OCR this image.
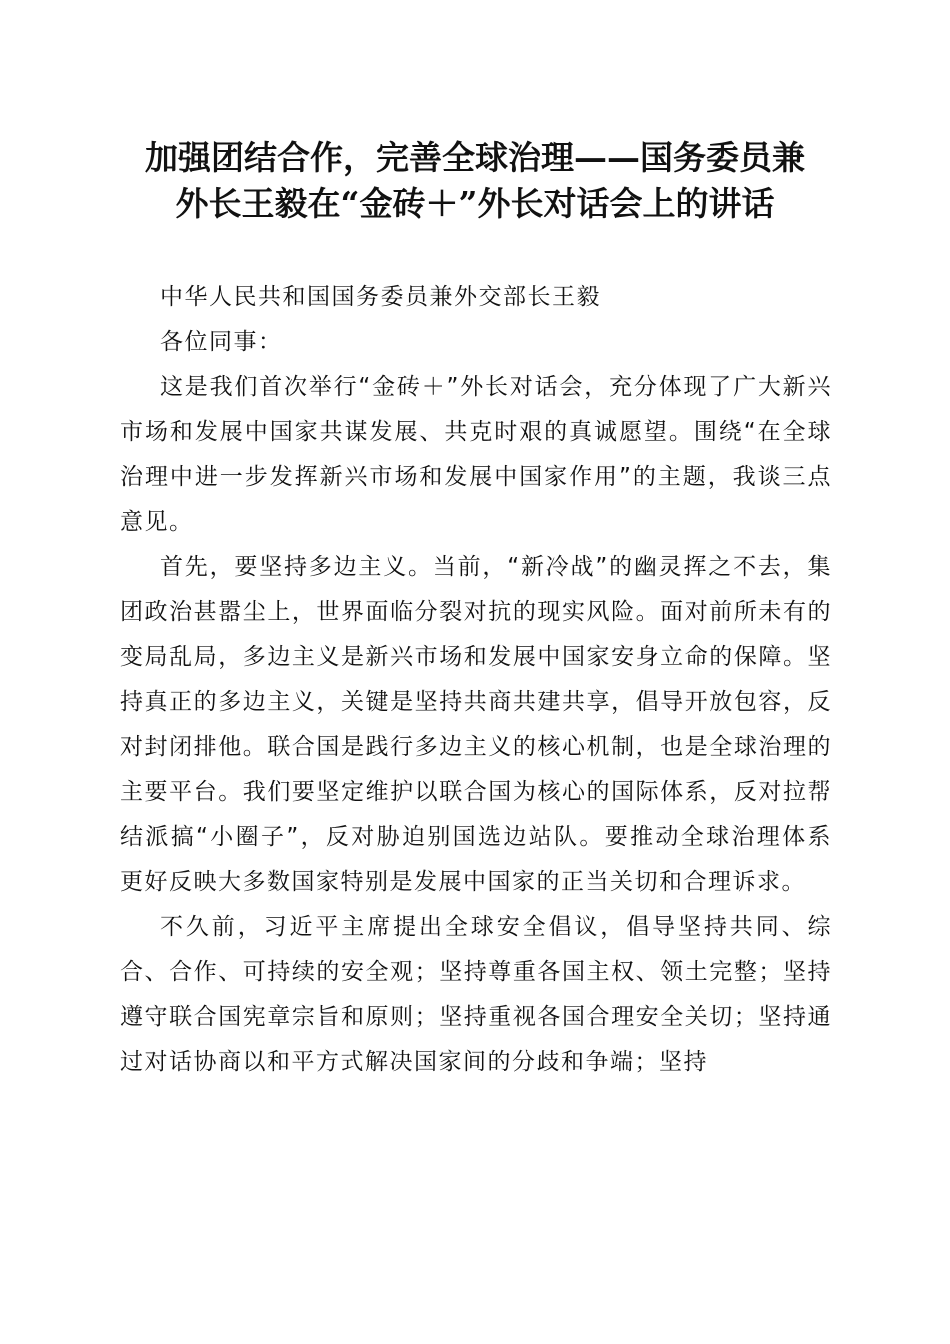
加强团结合作，完善全球治理——国务委员兼
外长王毅在“金砖＋”外长对话会上的讲话

中华人民共和国国务委员兼外交部长王毅

各位同事：

这是我们首次举行“金砖＋”外长对话会，充分体现了广大新兴市场和发展中国家共谋发展、共克时艰的真诚愿望。围绕“在全球治理中进一步发挥新兴市场和发展中国家作用”的主题，我谈三点意见。

首先，要坚持多边主义。当前，“新冷战”的幽灵挥之不去，集团政治甚嚣尘上，世界面临分裂对抗的现实风险。面对前所未有的变局乱局，多边主义是新兴市场和发展中国家安身立命的保障。坚持真正的多边主义，关键是坚持共商共建共享，倡导开放包容，反对封闭排他。联合国是践行多边主义的核心机制，也是全球治理的主要平台。我们要坚定维护以联合国为核心的国际体系，反对拉帮结派搞“小圈子”，反对胁迫别国选边站队。要推动全球治理体系更好反映大多数国家特别是发展中国家的正当关切和合理诉求。

不久前，习近平主席提出全球安全倡议，倡导坚持共同、综合、合作、可持续的安全观；坚持尊重各国主权、领土完整；坚持遵守联合国宪章宗旨和原则；坚持重视各国合理安全关切；坚持通过对话协商以和平方式解决国家间的分歧和争端；坚持
